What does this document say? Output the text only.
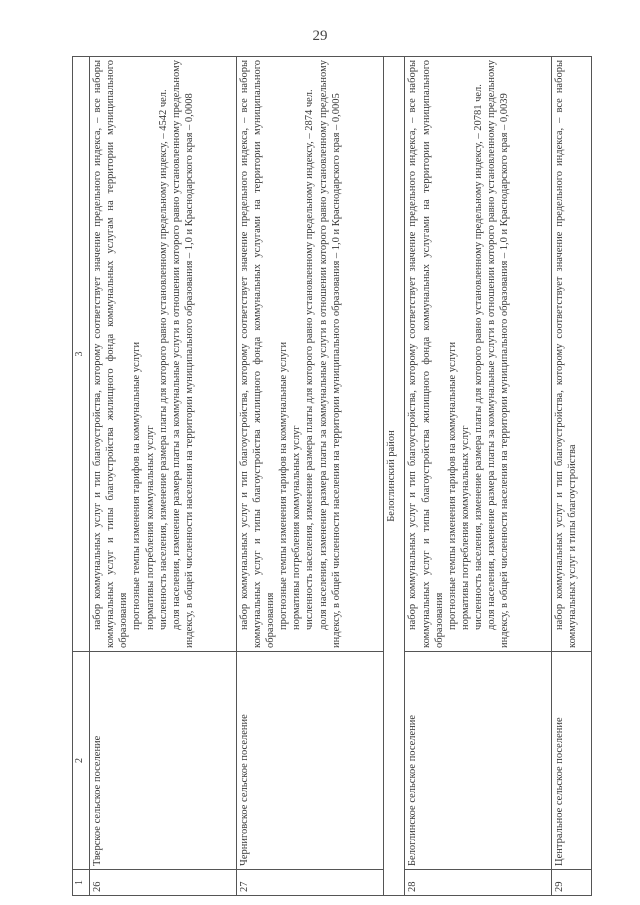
29
1	2	3
26	Тверское сельское поселение	набор коммунальных услуг и тип благоустройства, которому соответствует значение предельного индекса, – все наборы коммунальных услуг и типы благоустройства жилищного фонда коммунальных услугам на территории муниципального образования прогнозные темпы изменения тарифов на коммунальные услуги нормативы потребления коммунальных услуг численность населения, изменение размера платы для которого равно установленному предельному индексу, – 4542 чел. доля населения, изменение размера платы за коммунальные услуги в отношении которого равно установленному предельному индексу, в общей численности населения на территории муниципального образования – 1,0 и Краснодарского края – 0,0008

27	Черниговское сельское поселение	набор коммунальных услуг и тип благоустройства, которому соответствует значение предельного индекса, – все наборы коммунальных услуг и типы благоустройства жилищного фонда коммунальных услугами на территории муниципального образования прогнозные темпы изменения тарифов на коммунальные услуги нормативы потребления коммунальных услуг численность населения, изменение размера платы для которого равно установленному предельному индексу, – 2874 чел. доля населения, изменение размера платы за коммунальные услуги в отношении которого равно установленному предельному индексу, в общей численности населения на территории муниципального образования – 1,0 и Краснодарского края – 0,0005

Белоглинский район		
28	Белоглинское сельское поселение	набор коммунальных услуг и тип благоустройства, которому соответствует значение предельного индекса, – все наборы коммунальных услуг и типы благоустройства жилищного фонда коммунальных услугами на территории муниципального образования прогнозные темпы изменения тарифов на коммунальные услуги нормативы потребления коммунальных услуг численность населения, изменение размера платы для которого равно установленному предельному индексу, – 20781 чел. доля населения, изменение размера платы за коммунальные услуги в отношении которого равно установленному предельному индексу, в общей численности населения на территории муниципального образования – 1,0 и Краснодарского края – 0,0039

29	Центральное сельское поселение	набор коммунальных услуг и тип благоустройства, которому соответствует значение предельного индекса, – все наборы коммунальных услуг и типы благоустройства
